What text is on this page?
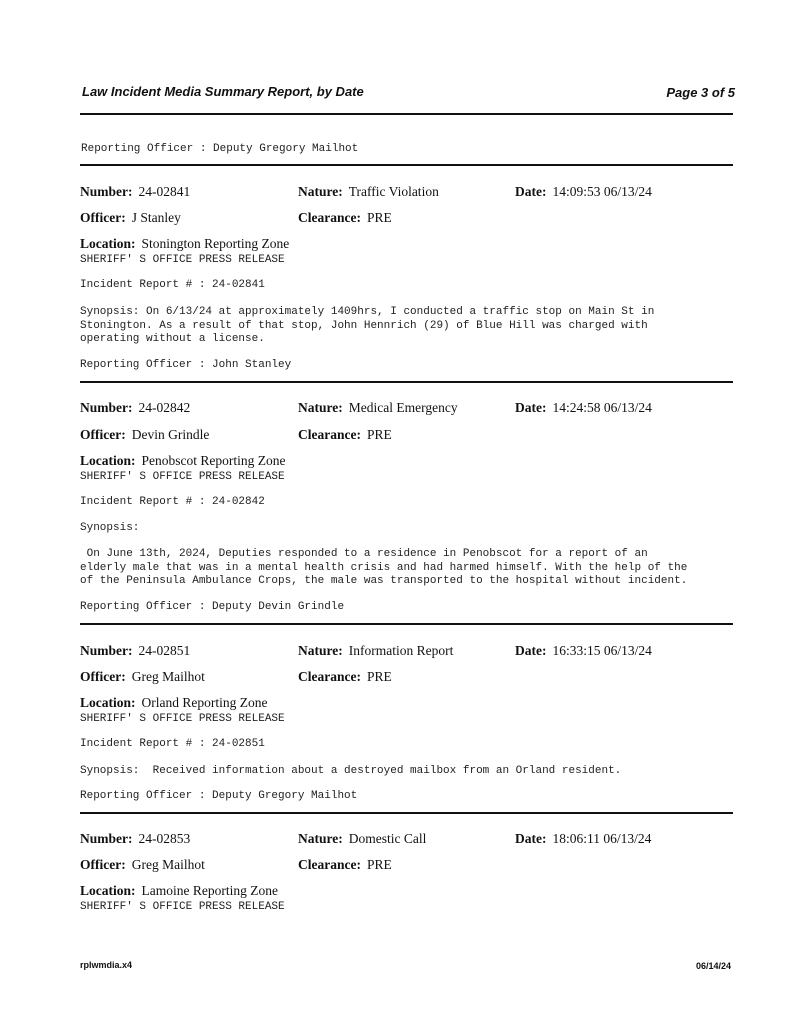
Law Incident Media Summary Report, by Date	Page 3 of 5
Reporting Officer : Deputy Gregory Mailhot
Number: 24-02841	Nature: Traffic Violation	Date: 14:09:53 06/13/24
Officer: J Stanley	Clearance: PRE
Location: Stonington Reporting Zone
SHERIFF' S OFFICE PRESS RELEASE
Incident Report # : 24-02841
Synopsis: On 6/13/24 at approximately 1409hrs, I conducted a traffic stop on Main St in
Stonington. As a result of that stop, John Hennrich (29) of Blue Hill was charged with
operating without a license.
Reporting Officer : John Stanley
Number: 24-02842	Nature: Medical Emergency	Date: 14:24:58 06/13/24
Officer: Devin Grindle	Clearance: PRE
Location: Penobscot Reporting Zone
SHERIFF' S OFFICE PRESS RELEASE
Incident Report # : 24-02842
Synopsis:
On June 13th, 2024, Deputies responded to a residence in Penobscot for a report of an
elderly male that was in a mental health crisis and had harmed himself. With the help of the
of the Peninsula Ambulance Crops, the male was transported to the hospital without incident.
Reporting Officer : Deputy Devin Grindle
Number: 24-02851	Nature: Information Report	Date: 16:33:15 06/13/24
Officer: Greg Mailhot	Clearance: PRE
Location: Orland Reporting Zone
SHERIFF' S OFFICE PRESS RELEASE
Incident Report # : 24-02851
Synopsis:  Received information about a destroyed mailbox from an Orland resident.
Reporting Officer : Deputy Gregory Mailhot
Number: 24-02853	Nature: Domestic Call	Date: 18:06:11 06/13/24
Officer: Greg Mailhot	Clearance: PRE
Location: Lamoine Reporting Zone
SHERIFF' S OFFICE PRESS RELEASE
rplwmdia.x4	06/14/24
